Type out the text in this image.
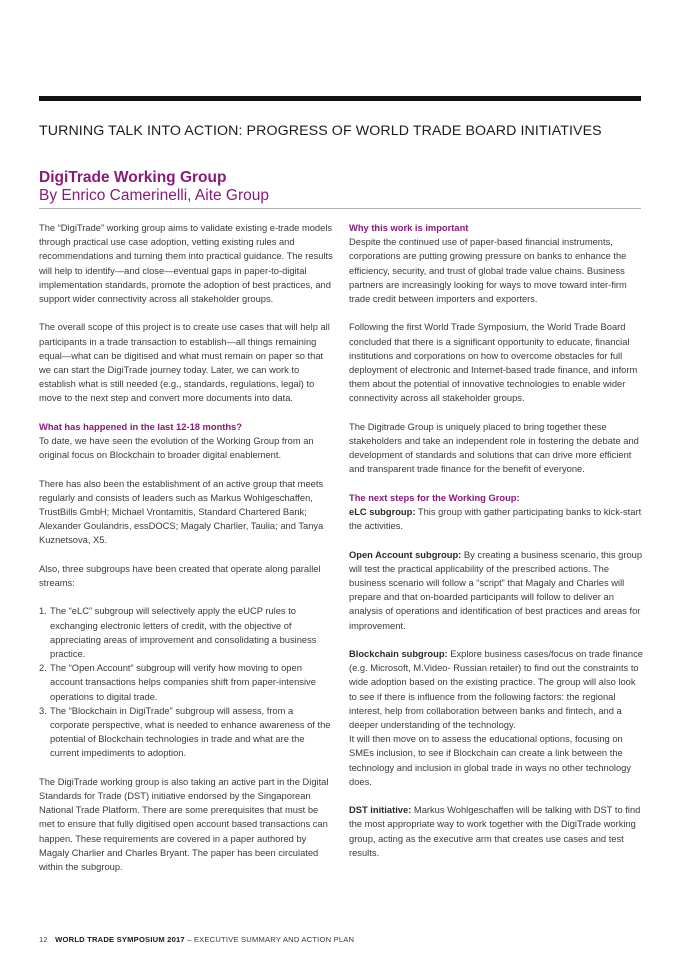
TURNING TALK INTO ACTION: PROGRESS OF WORLD TRADE BOARD INITIATIVES
DigiTrade Working Group
By Enrico Camerinelli, Aite Group

The “DigiTrade” working group aims to validate existing e-trade models through practical use case adoption, vetting existing rules and recommendations and turning them into practical guidance. The results will help to identify—and close—eventual gaps in paper-to-digital implementation standards, promote the adoption of best practices, and support wider connectivity across all stakeholder groups.

The overall scope of this project is to create use cases that will help all participants in a trade transaction to establish—all things remaining equal—what can be digitised and what must remain on paper so that we can start the DigiTrade journey today. Later, we can work to establish what is still needed (e.g., standards, regulations, legal) to move to the next step and convert more documents into data.

What has happened in the last 12-18 months?

To date, we have seen the evolution of the Working Group from an original focus on Blockchain to broader digital enablement.

There has also been the establishment of an active group that meets regularly and consists of leaders such as Markus Wohlgeschaffen, TrustBills GmbH; Michael Vrontamitis, Standard Chartered Bank; Alexander Goulandris, essDOCS; Magaly Charlier, Taulia; and Tanya Kuznetsova, X5.

Also, three subgroups have been created that operate along parallel streams:

1. The “eLC” subgroup will selectively apply the eUCP rules to exchanging electronic letters of credit, with the objective of appreciating areas of improvement and consolidating a business practice.
2. The “Open Account” subgroup will verify how moving to open account transactions helps companies shift from paper-intensive operations to digital trade.
3. The “Blockchain in DigiTrade” subgroup will assess, from a corporate perspective, what is needed to enhance awareness of the potential of Blockchain technologies in trade and what are the current impediments to adoption.

The DigiTrade working group is also taking an active part in the Digital Standards for Trade (DST) initiative endorsed by the Singaporean National Trade Platform. There are some prerequisites that must be met to ensure that fully digitised open account based transactions can happen. These requirements are covered in a paper authored by Magaly Charlier and Charles Bryant. The paper has been circulated within the subgroup.

Why this work is important

Despite the continued use of paper-based financial instruments, corporations are putting growing pressure on banks to enhance the efficiency, security, and trust of global trade value chains. Business partners are increasingly looking for ways to move toward inter-firm trade credit between importers and exporters.

Following the first World Trade Symposium, the World Trade Board concluded that there is a significant opportunity to educate, financial institutions and corporations on how to overcome obstacles for full deployment of electronic and Internet-based trade finance, and inform them about the potential of innovative technologies to enable wider connectivity across all stakeholder groups.

The Digitrade Group is uniquely placed to bring together these stakeholders and take an independent role in fostering the debate and development of standards and solutions that can drive more efficient and transparent trade finance for the benefit of everyone.

The next steps for the Working Group:

eLC subgroup: This group with gather participating banks to kick-start the activities.

Open Account subgroup: By creating a business scenario, this group will test the practical applicability of the prescribed actions. The business scenario will follow a “script” that Magaly and Charles will prepare and that on-boarded participants will follow to deliver an analysis of operations and identification of best practices and areas for improvement.

Blockchain subgroup: Explore business cases/focus on trade finance (e.g. Microsoft, M.Video- Russian retailer) to find out the constraints to wide adoption based on the existing practice. The group will also look to see if there is influence from the following factors: the regional interest, help from collaboration between banks and fintech, and a deeper understanding of the technology.

It will then move on to assess the educational options, focusing on SMEs inclusion, to see if Blockchain can create a link between the technology and inclusion in global trade in ways no other technology does.

DST initiative: Markus Wohlgeschaffen will be talking with DST to find the most appropriate way to work together with the DigiTrade working group, acting as the executive arm that creates use cases and test results.

12 WORLD TRADE SYMPOSIUM 2017 – EXECUTIVE SUMMARY AND ACTION PLAN
